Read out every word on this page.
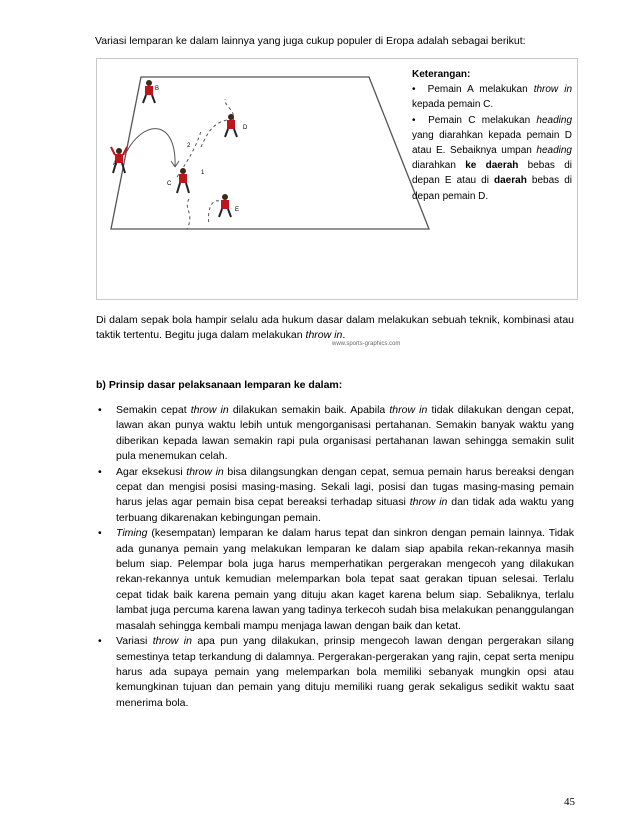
Variasi lemparan ke dalam lainnya yang juga cukup populer di Eropa adalah sebagai berikut:
A
B
C
D
E
1
2
www.sports-graphics.com
Keterangan:
•  Pemain A melakukan throw in kepada pemain C.
•  Pemain C melakukan heading yang diarahkan kepada pemain D atau E. Sebaiknya umpan heading diarahkan ke daerah bebas di depan E atau di daerah bebas di depan pemain D.
Di dalam sepak bola hampir selalu ada hukum dasar dalam melakukan sebuah teknik, kombinasi atau taktik tertentu. Begitu juga dalam melakukan throw in.
b) Prinsip dasar pelaksanaan lemparan ke dalam:
• Semakin cepat throw in dilakukan semakin baik. Apabila throw in tidak dilakukan dengan cepat, lawan akan punya waktu lebih untuk mengorganisasi pertahanan. Semakin banyak waktu yang diberikan kepada lawan semakin rapi pula organisasi pertahanan lawan sehingga semakin sulit pula menemukan celah.
• Agar eksekusi throw in bisa dilangsungkan dengan cepat, semua pemain harus bereaksi dengan cepat dan mengisi posisi masing-masing. Sekali lagi, posisi dan tugas masing-masing pemain harus jelas agar pemain bisa cepat bereaksi terhadap situasi throw in dan tidak ada waktu yang terbuang dikarenakan kebingungan pemain.
• Timing (kesempatan) lemparan ke dalam harus tepat dan sinkron dengan pemain lainnya. Tidak ada gunanya pemain yang melakukan lemparan ke dalam siap apabila rekan-rekannya masih belum siap. Pelempar bola juga harus memperhatikan pergerakan mengecoh yang dilakukan rekan-rekannya untuk kemudian melemparkan bola tepat saat gerakan tipuan selesai. Terlalu cepat tidak baik karena pemain yang dituju akan kaget karena belum siap. Sebaliknya, terlalu lambat juga percuma karena lawan yang tadinya terkecoh sudah bisa melakukan penanggulangan masalah sehingga kembali mampu menjaga lawan dengan baik dan ketat.
• Variasi throw in apa pun yang dilakukan, prinsip mengecoh lawan dengan pergerakan silang semestinya tetap terkandung di dalamnya. Pergerakan-pergerakan yang rajin, cepat serta menipu harus ada supaya pemain yang melemparkan bola memiliki sebanyak mungkin opsi atau kemungkinan tujuan dan pemain yang dituju memiliki ruang gerak sekaligus sedikit waktu saat menerima bola.
45
